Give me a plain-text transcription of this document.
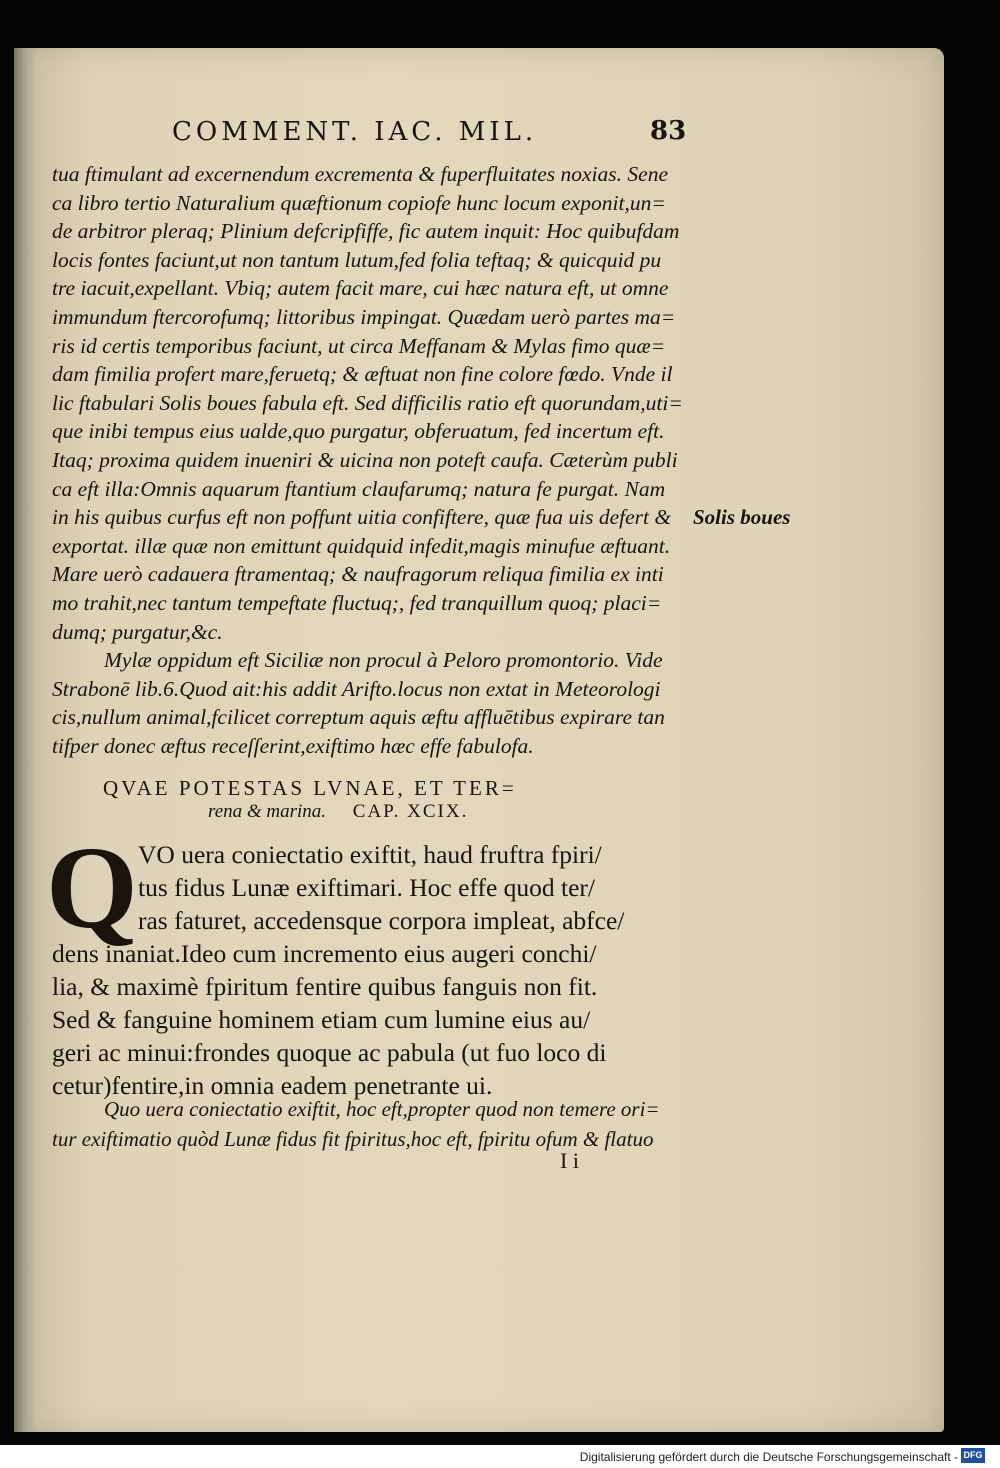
COMMENT. IAC. MIL.	83
tua ftimulant ad excernendum excrementa & fuperfluitates noxias. Sene
ca libro tertio Naturalium quæftionum copiofe hunc locum exponit,un=
de arbitror pleraq; Plinium defcripfiffe, fic autem inquit: Hoc quibufdam
locis fontes faciunt,ut non tantum lutum,fed folia teftaq; & quicquid pu
tre iacuit,expellant. Vbiq; autem facit mare, cui hæc natura eft, ut omne
immundum ftercorofumq; littoribus impingat. Quædam uerò partes ma=
ris id certis temporibus faciunt, ut circa Meffanam & Mylas fimo quæ=
dam fimilia profert mare,feruetq; & æftuat non fine colore fœdo. Vnde il
lic ftabulari Solis boues fabula eft. Sed difficilis ratio eft quorundam,uti=
que inibi tempus eius ualde,quo purgatur, obferuatum, fed incertum eft.
Itaq; proxima quidem inueniri & uicina non poteft caufa. Cæterùm publi
ca eft illa:Omnis aquarum ftantium claufarumq; natura fe purgat. Nam
in his quibus curfus eft non poffunt uitia confiftere, quæ fua uis defert &
exportat. illæ quæ non emittunt quidquid infedit,magis minufue æftuant.
Mare uerò cadauera ftramentaq; & naufragorum reliqua fimilia ex inti
mo trahit,nec tantum tempeftate fluctuq;, fed tranquillum quoq; placi=
dumq; purgatur,&c.
Mylæ oppidum eft Siciliæ non procul à Peloro promontorio. Vide
Strabonē lib.6.Quod ait:his addit Arifto.locus non extat in Meteorologi
cis,nullum animal,fcilicet correptum aquis æftu affluētibus expirare tan
tifper donec æftus receſſerint,exiftimo hæc effe fabulofa.
Solis boues
QVAE POTESTAS LVNAE, ET TER=
rena & marina. CAP. XCIX.
Q VO uera coniectatio exiftit, haud fruftra fpiri/
tus fidus Lunæ exiftimari. Hoc effe quod ter/
ras faturet, accedensque corpora impleat, abfce/
dens inaniat.Ideo cum incremento eius augeri conchi/
lia, & maximè fpiritum fentire quibus fanguis non fit.
Sed & fanguine hominem etiam cum lumine eius au/
geri ac minui:frondes quoque ac pabula (ut fuo loco di
cetur)fentire,in omnia eadem penetrante ui.
Quo uera coniectatio exiftit, hoc eft,propter quod non temere ori=
tur exiftimatio quòd Lunæ fidus fit fpiritus,hoc eft, fpiritu ofum & flatuo
I i
Digitalisierung gefördert durch die Deutsche Forschungsgemeinschaft - DFG
